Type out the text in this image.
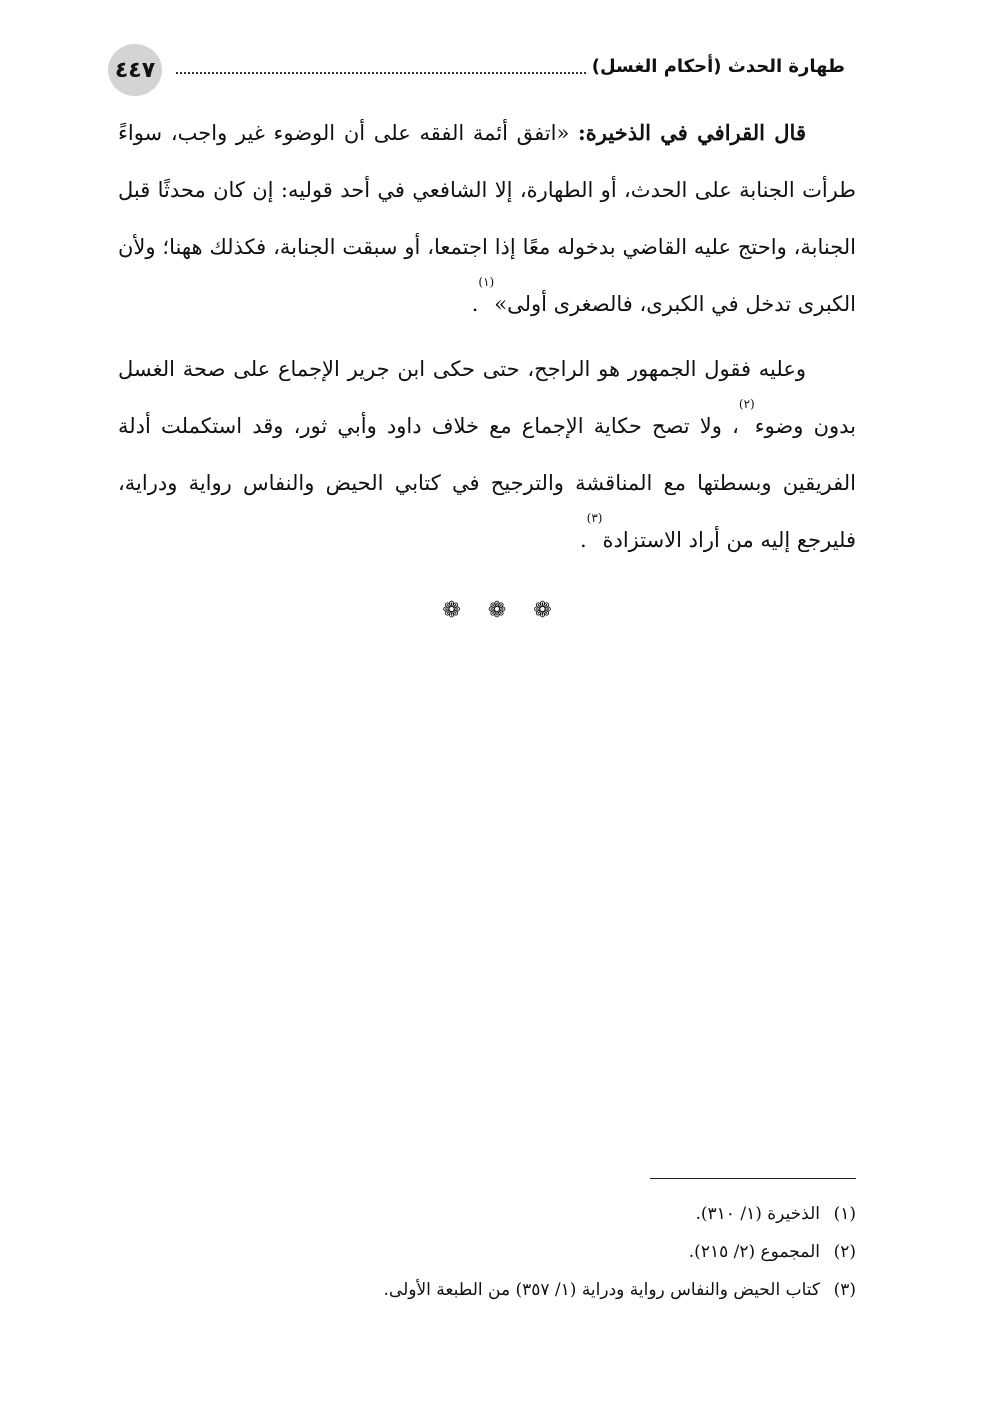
٤٤٧	طهارة الحدث (أحكام الغسل)

قال القرافي في الذخيرة: «اتفق أئمة الفقه على أن الوضوء غير واجب، سواءً طرأت الجنابة على الحدث، أو الطهارة، إلا الشافعي في أحد قوليه: إن كان محدثًا قبل الجنابة، واحتج عليه القاضي بدخوله معًا إذا اجتمعا، أو سبقت الجنابة، فكذلك ههنا؛ ولأن الكبرى تدخل في الكبرى، فالصغرى أولى»$^{(١)}$.

وعليه فقول الجمهور هو الراجح، حتى حكى ابن جرير الإجماع على صحة الغسل بدون وضوء$^{(٢)}$، ولا تصح حكاية الإجماع مع خلاف داود وأبي ثور، وقد استكملت أدلة الفريقين وبسطتها مع المناقشة والترجيح في كتابي الحيض والنفاس رواية ودراية، فليرجع إليه من أراد الاستزادة$^{(٣)}$.

❁ ❁ ❁
(١)الذخيرة (١/ ٣١٠).
(٢)المجموع (٢/ ٢١٥).
(٣)كتاب الحيض والنفاس رواية ودراية (١/ ٣٥٧) من الطبعة الأولى.
